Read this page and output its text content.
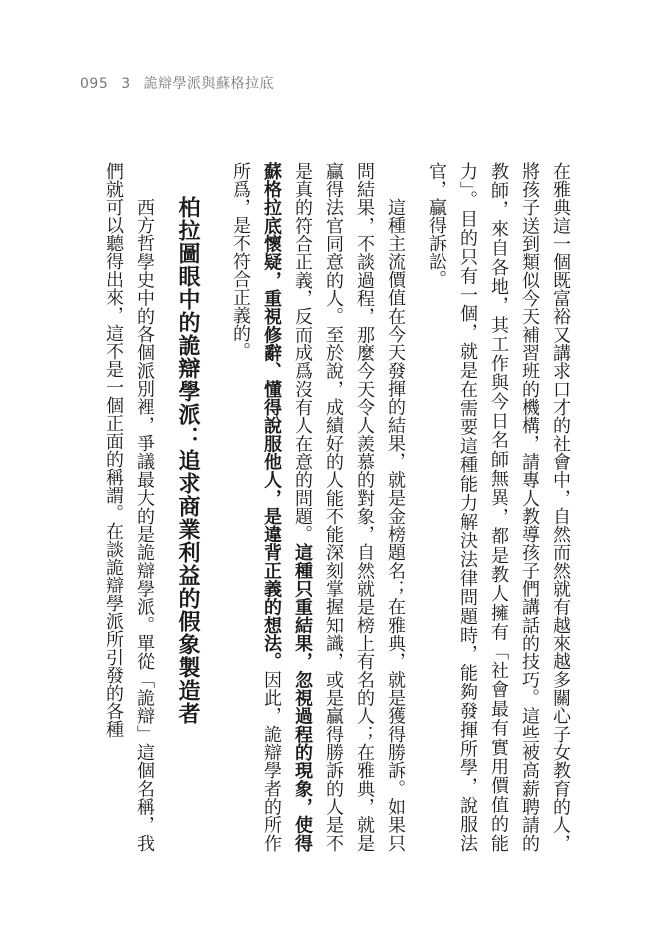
095 3 詭辯學派與蘇格拉底

在雅典這一個既富裕又講求口才的社會中，自然而然就有越來越多關心子女教育的人，將孩子送到類似今天補習班的機構，請專人教導孩子們講話的技巧。這些被高薪聘請的教師，來自各地，其工作與今日名師無異，都是教人擁有「社會最有實用價值的能力」。目的只有一個，就是在需要這種能力解決法律問題時，能夠發揮所學，說服法官，贏得訴訟。

這種主流價值在今天發揮的結果，就是金榜題名；在雅典，就是獲得勝訴。如果只問結果，不談過程，那麼今天令人羨慕的對象，自然就是榜上有名的人；在雅典，就是贏得法官同意的人。至於說，成績好的人能不能深刻掌握知識，或是贏得勝訴的人是不是真的符合正義，反而成爲沒有人在意的問題。這種只重結果，忽視過程的現象，使得蘇格拉底懷疑，重視修辭、懂得說服他人，是違背正義的想法。因此，詭辯學者的所作所爲，是不符合正義的。

柏拉圖眼中的詭辯學派：追求商業利益的假象製造者

西方哲學史中的各個派別裡，爭議最大的是詭辯學派。單從「詭辯」這個名稱，我們就可以聽得出來，這不是一個正面的稱謂。在談詭辯學派所引發的各種
